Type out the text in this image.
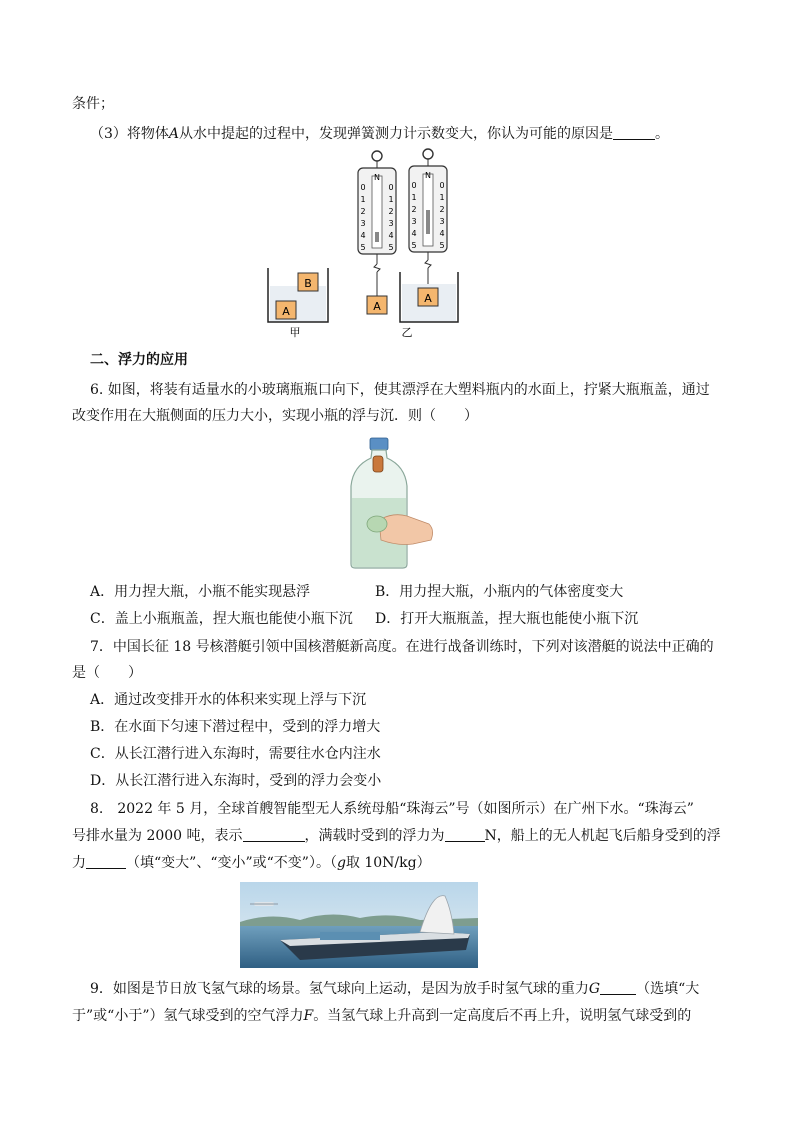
条件；
（3）将物体A从水中提起的过程中，发现弹簧测力计示数变大，你认为可能的原因是	。
B
A
甲
N
0
1
2
3
4
5
0
1
2
3
4
5
A
N
0
1
2
3
4
5
0
1
2
3
4
5
A
乙
二、浮力的应用
6. 如图，将装有适量水的小玻璃瓶瓶口向下，使其漂浮在大塑料瓶内的水面上，拧紧大瓶瓶盖，通过
改变作用在大瓶侧面的压力大小，实现小瓶的浮与沉．则（　　）
A．用力捏大瓶，小瓶不能实现悬浮	B．用力捏大瓶，小瓶内的气体密度变大
C．盖上小瓶瓶盖，捏大瓶也能使小瓶下沉 D．打开大瓶瓶盖，捏大瓶也能使小瓶下沉
7．中国长征 18 号核潜艇引领中国核潜艇新高度。在进行战备训练时，下列对该潜艇的说法中正确的
是（　　）
A．通过改变排开水的体积来实现上浮与下沉
B．在水面下匀速下潜过程中，受到的浮力增大
C．从长江潜行进入东海时，需要往水仓内注水
D．从长江潜行进入东海时，受到的浮力会变小
8.　2022 年 5 月，全球首艘智能型无人系统母船“珠海云”号（如图所示）在广州下水。“珠海云”
号排水量为 2000 吨，表示	，满载时受到的浮力为	N，船上的无人机起飞后船身受到的浮
力	（填“变大”、“变小”或“不变”）。（g取 10N/kg）
9．如图是节日放飞氢气球的场景。氢气球向上运动，是因为放手时氢气球的重力G	（选填“大
于”或“小于”）氢气球受到的空气浮力F。当氢气球上升高到一定高度后不再上升，说明氢气球受到的
